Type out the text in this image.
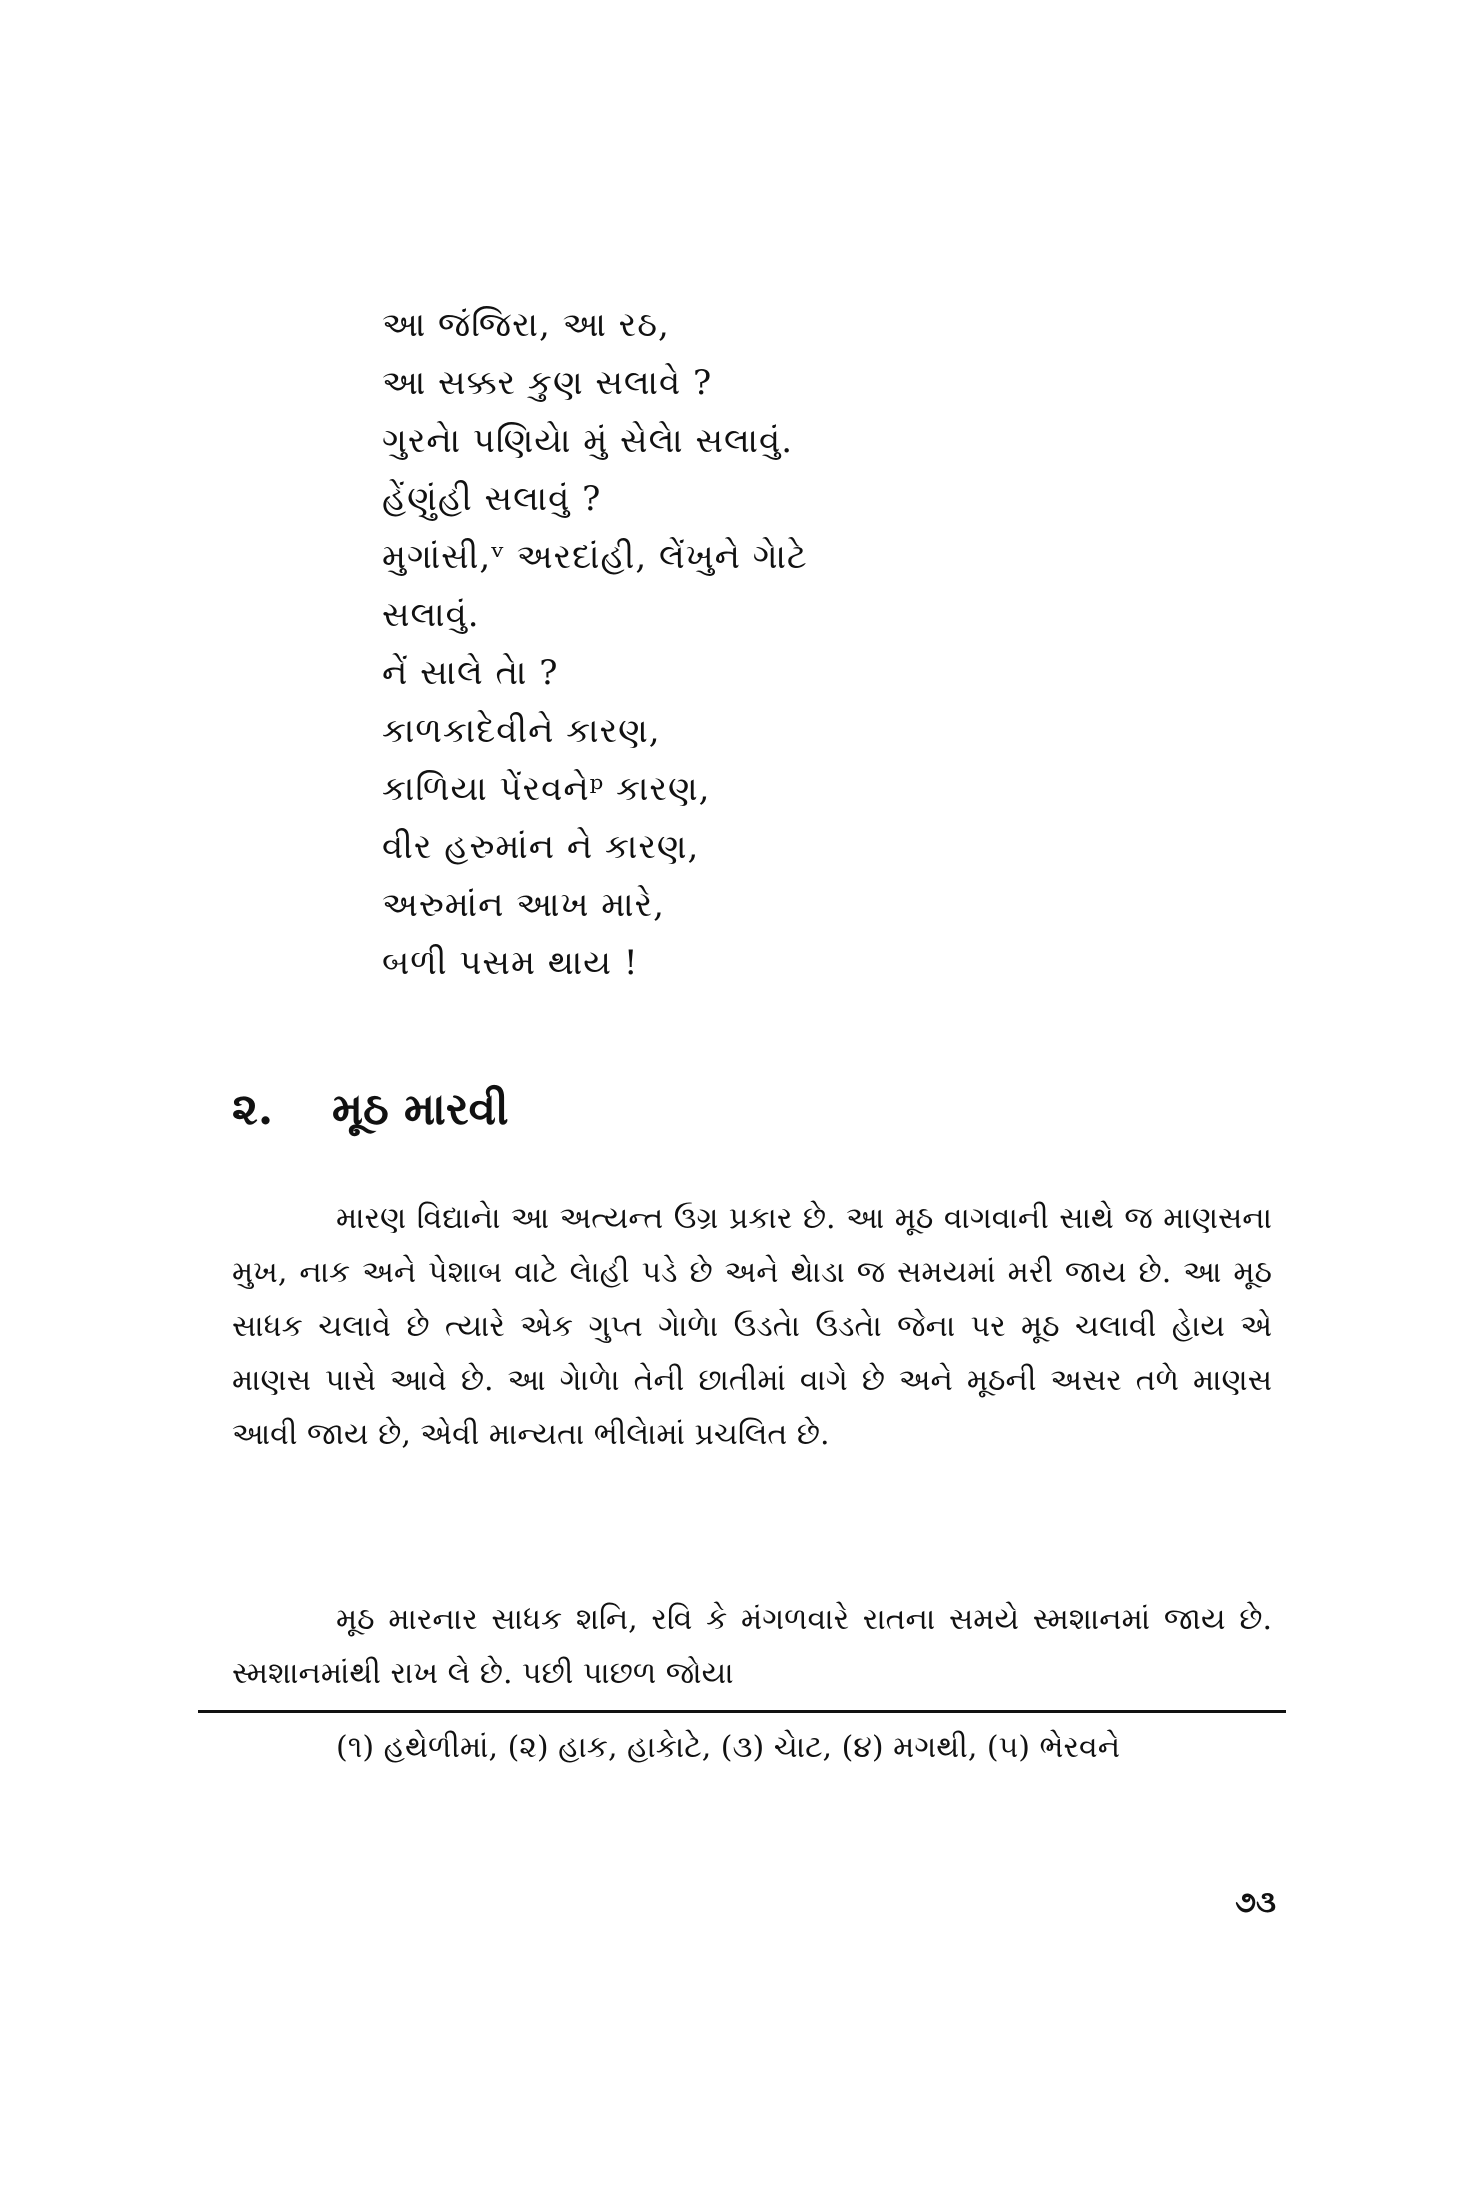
આ જંજિરા, આ રઠ,
આ સક્કર કુણ સલાવે ?
ગુરનેા પણિયેા મું સેલેા સલાવું.
હેંણુંહી સલાવું ?
મુગાંસી,ᵛ અરદાંહી, લેંખુને ગેાટે
સલાવું.
નેં સાલે તેા ?
કાળકાદેવીને કારણ,
કાળિયા પેંરવનેᵖ કારણ,
વીર હરુમાંન ને કારણ,
અરુમાંન આખ મારે,
બળી પસમ થાય !
૨. મૂઠ મારવી

મારણ વિદ્યાનેા આ અત્યન્ત ઉગ્ર પ્રકાર છે. આ મૂઠ વાગવાની સાથે જ માણસના મુખ, નાક અને પેશાબ વાટે લેાહી પડે છે અને થેાડા જ સમયમાં મરી જાય છે. આ મૂઠ સાધક ચલાવે છે ત્યારે એક ગુપ્ત ગેાળેા ઉડતેા ઉડતેા જેના પર મૂઠ ચલાવી હેાય એ માણસ પાસે આવે છે. આ ગેાળેા તેની છાતીમાં વાગે છે અને મૂઠની અસર તળે માણસ આવી જાય છે, એવી માન્યતા ભીલેામાં પ્રચલિત છે.

મૂઠ મારનાર સાધક શનિ, રવિ કે મંગળવારે રાતના સમયે સ્મશાનમાં જાય છે. સ્મશાનમાંથી રાખ લે છે. પછી પાછળ જોયા

(૧) હથેળીમાં, (૨) હાક, હાકેાટે, (૩) ચેાટ, (૪) મગથી, (૫) ભેરવને

૭૩
